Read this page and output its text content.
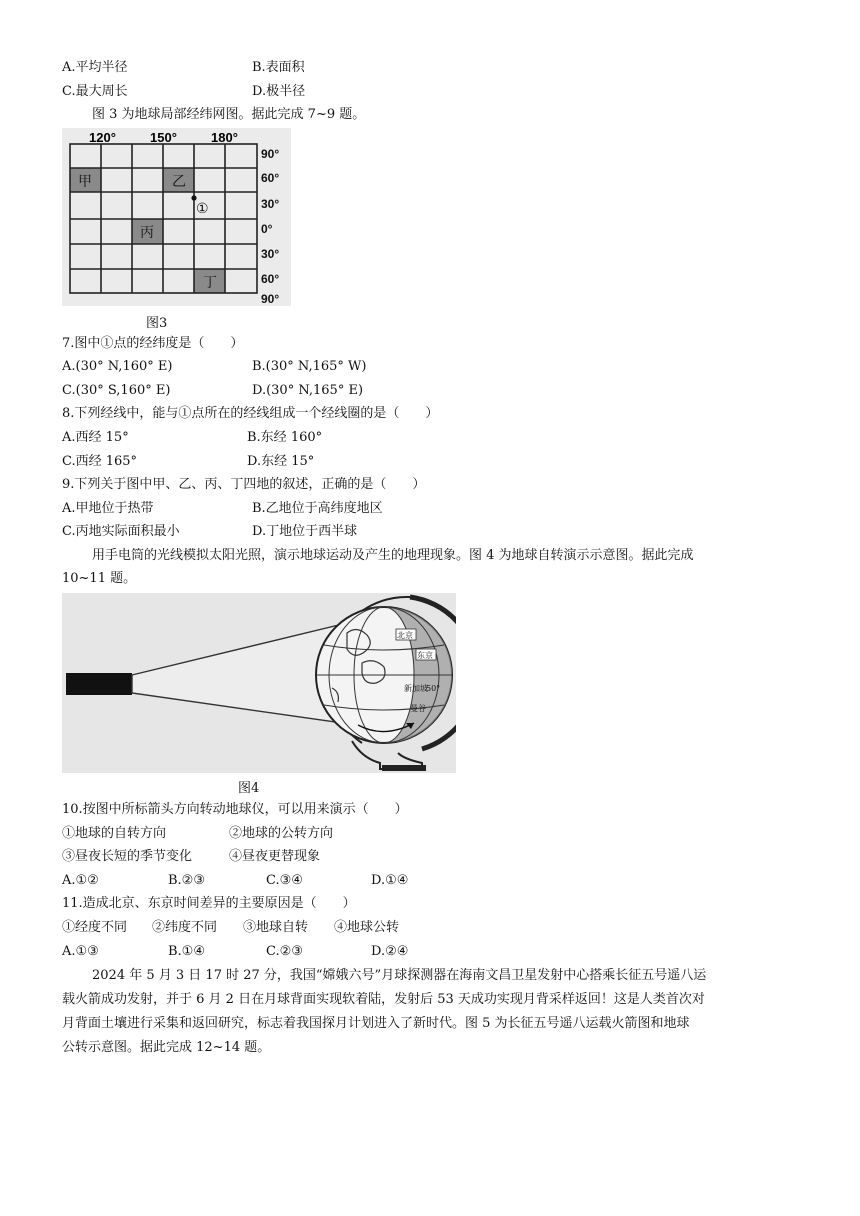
A.平均半径	B.表面积
C.最大周长	D.极半径
图 3 为地球局部经纬网图。据此完成 7~9 题。
120°	150°	180°
甲	乙
丙
丁
①
90°
60°
30°
0°
30°
60°
90°
图3
7.图中①点的经纬度是（　　）
A.(30° N,160° E)	B.(30° N,165° W)
C.(30° S,160° E)	D.(30° N,165° E)
8.下列经线中，能与①点所在的经线组成一个经线圈的是（　　）
A.西经 15°	B.东经 160°
C.西经 165°	D.东经 15°
9.下列关于图中甲、乙、丙、丁四地的叙述，正确的是（　　）
A.甲地位于热带	B.乙地位于高纬度地区
C.丙地实际面积最小	D.丁地位于西半球
用手电筒的光线模拟太阳光照，演示地球运动及产生的地理现象。图 4 为地球自转演示示意图。据此完成
10~11 题。
北京
东京
新加坡
50°
曼谷
图4
10.按图中所标箭头方向转动地球仪，可以用来演示（　　）
①地球的自转方向	②地球的公转方向
③昼夜长短的季节变化	④昼夜更替现象
A.①②	B.②③	C.③④	D.①④
11.造成北京、东京时间差异的主要原因是（　　）
①经度不同 ②纬度不同 ③地球自转 ④地球公转
A.①③	B.①④	C.②③	D.②④
2024 年 5 月 3 日 17 时 27 分，我国“嫦娥六号”月球探测器在海南文昌卫星发射中心搭乘长征五号遥八运
载火箭成功发射，并于 6 月 2 日在月球背面实现软着陆，发射后 53 天成功实现月背采样返回！这是人类首次对
月背面土壤进行采集和返回研究，标志着我国探月计划进入了新时代。图 5 为长征五号遥八运载火箭图和地球
公转示意图。据此完成 12~14 题。
